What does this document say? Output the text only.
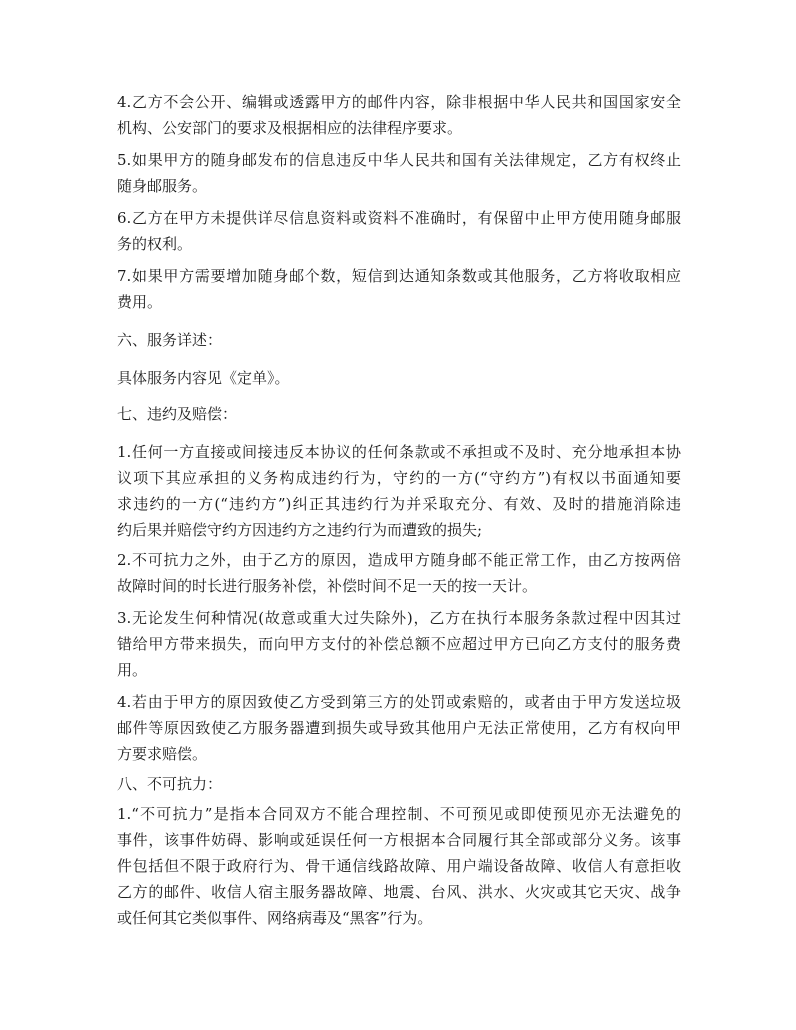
4.乙方不会公开、编辑或透露甲方的邮件内容，除非根据中华人民共和国国家安全
机构、公安部门的要求及根据相应的法律程序要求。
5.如果甲方的随身邮发布的信息违反中华人民共和国有关法律规定，乙方有权终止
随身邮服务。
6.乙方在甲方未提供详尽信息资料或资料不准确时，有保留中止甲方使用随身邮服
务的权利。
7.如果甲方需要增加随身邮个数，短信到达通知条数或其他服务，乙方将收取相应
费用。
六、服务详述：
具体服务内容见《定单》。
七、违约及赔偿：
1.任何一方直接或间接违反本协议的任何条款或不承担或不及时、充分地承担本协
议项下其应承担的义务构成违约行为，守约的一方(“守约方”)有权以书面通知要
求违约的一方(“违约方”)纠正其违约行为并采取充分、有效、及时的措施消除违
约后果并赔偿守约方因违约方之违约行为而遭致的损失;
2.不可抗力之外，由于乙方的原因，造成甲方随身邮不能正常工作，由乙方按两倍
故障时间的时长进行服务补偿，补偿时间不足一天的按一天计。
3.无论发生何种情况(故意或重大过失除外)，乙方在执行本服务条款过程中因其过
错给甲方带来损失，而向甲方支付的补偿总额不应超过甲方已向乙方支付的服务费
用。
4.若由于甲方的原因致使乙方受到第三方的处罚或索赔的，或者由于甲方发送垃圾
邮件等原因致使乙方服务器遭到损失或导致其他用户无法正常使用，乙方有权向甲
方要求赔偿。
八、不可抗力：
1.“不可抗力”是指本合同双方不能合理控制、不可预见或即使预见亦无法避免的
事件，该事件妨碍、影响或延误任何一方根据本合同履行其全部或部分义务。该事
件包括但不限于政府行为、骨干通信线路故障、用户端设备故障、收信人有意拒收
乙方的邮件、收信人宿主服务器故障、地震、台风、洪水、火灾或其它天灾、战争
或任何其它类似事件、网络病毒及“黑客”行为。
